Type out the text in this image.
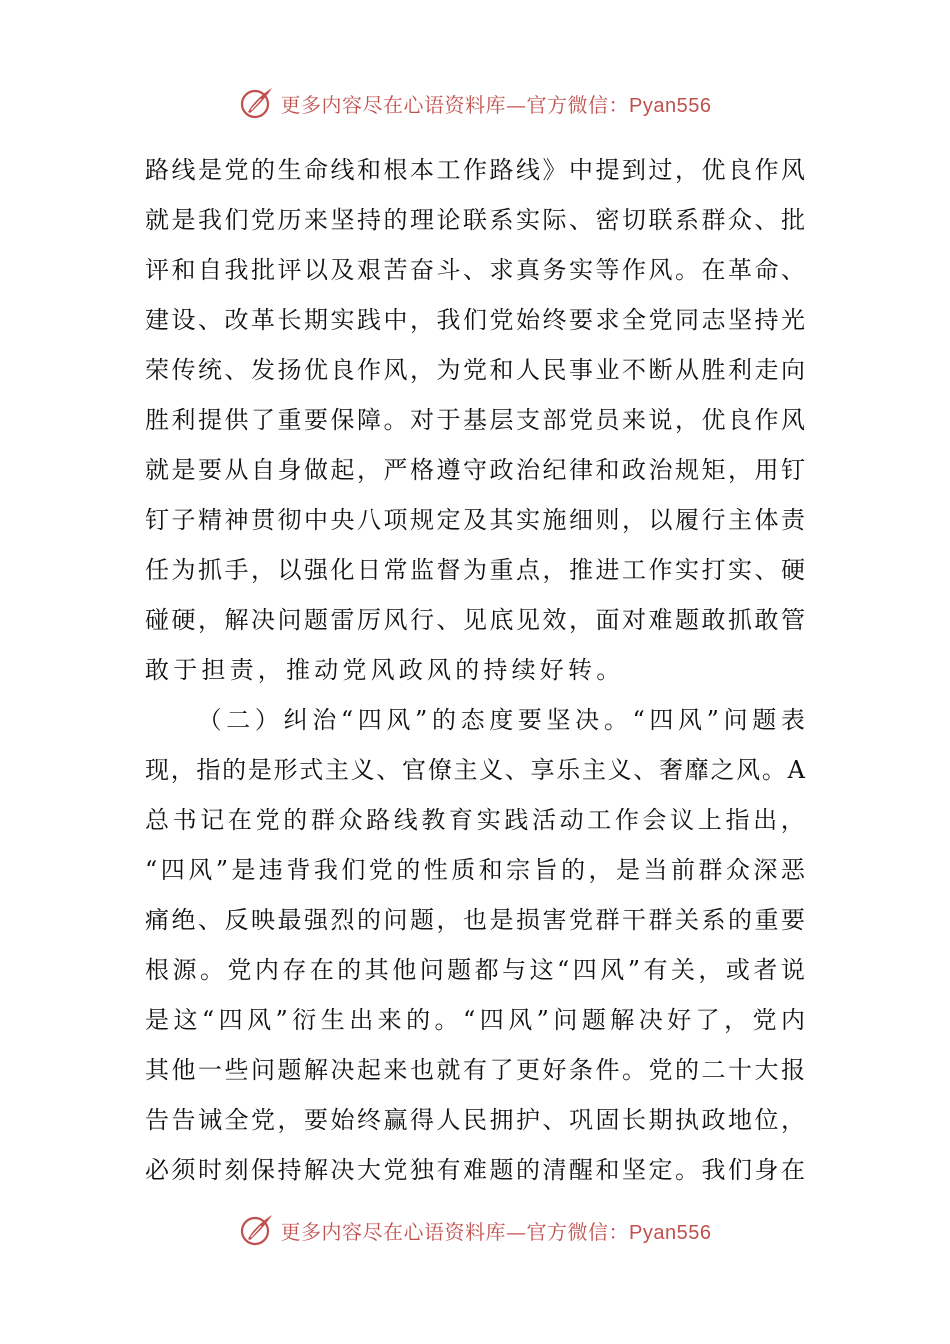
更多内容尽在心语资料库—官方微信：Pyan556
路 线 是 党 的 生 命 线 和 根 本 工 作 路 线 》 中 提 到 过 ， 优 良 作 风
就 是 我 们 党 历 来 坚 持 的 理 论 联 系 实 际 、 密 切 联 系 群 众 、 批
评 和 自 我 批 评 以 及 艰 苦 奋 斗 、 求 真 务 实 等 作 风 。 在 革 命 、
建 设 、 改 革 长 期 实 践 中 ， 我 们 党 始 终 要 求 全 党 同 志 坚 持 光
荣 传 统 、 发 扬 优 良 作 风 ， 为 党 和 人 民 事 业 不 断 从 胜 利 走 向
胜 利 提 供 了 重 要 保 障 。 对 于 基 层 支 部 党 员 来 说 ， 优 良 作 风
就 是 要 从 自 身 做 起 ， 严 格 遵 守 政 治 纪 律 和 政 治 规 矩 ， 用 钉
钉 子 精 神 贯 彻 中 央 八 项 规 定 及 其 实 施 细 则 ， 以 履 行 主 体 责
任 为 抓 手 ， 以 强 化 日 常 监 督 为 重 点 ， 推 进 工 作 实 打 实 、 硬
碰 硬 ， 解 决 问 题 雷 厉 风 行 、 见 底 见 效 ， 面 对 难 题 敢 抓 敢 管
敢于担责，推动党风政风的持续好转。
（ 二 ） 纠 治 “ 四 风 ” 的 态 度 要 坚 决 。 “ 四 风 ” 问 题 表
现 ， 指 的 是 形 式 主 义 、 官 僚 主 义 、 享 乐 主 义 、 奢 靡 之 风 。 A
总 书 记 在 党 的 群 众 路 线 教 育 实 践 活 动 工 作 会 议 上 指 出 ，
“ 四 风 ” 是 违 背 我 们 党 的 性 质 和 宗 旨 的 ， 是 当 前 群 众 深 恶
痛 绝 、 反 映 最 强 烈 的 问 题 ， 也 是 损 害 党 群 干 群 关 系 的 重 要
根 源 。 党 内 存 在 的 其 他 问 题 都 与 这 “ 四 风 ” 有 关 ， 或 者 说
是 这 “ 四 风 ” 衍 生 出 来 的 。 “ 四 风 ” 问 题 解 决 好 了 ， 党 内
其 他 一 些 问 题 解 决 起 来 也 就 有 了 更 好 条 件 。 党 的 二 十 大 报
告 告 诫 全 党 ， 要 始 终 赢 得 人 民 拥 护 、 巩 固 长 期 执 政 地 位 ，
必 须 时 刻 保 持 解 决 大 党 独 有 难 题 的 清 醒 和 坚 定 。 我 们 身 在
更多内容尽在心语资料库—官方微信：Pyan556
